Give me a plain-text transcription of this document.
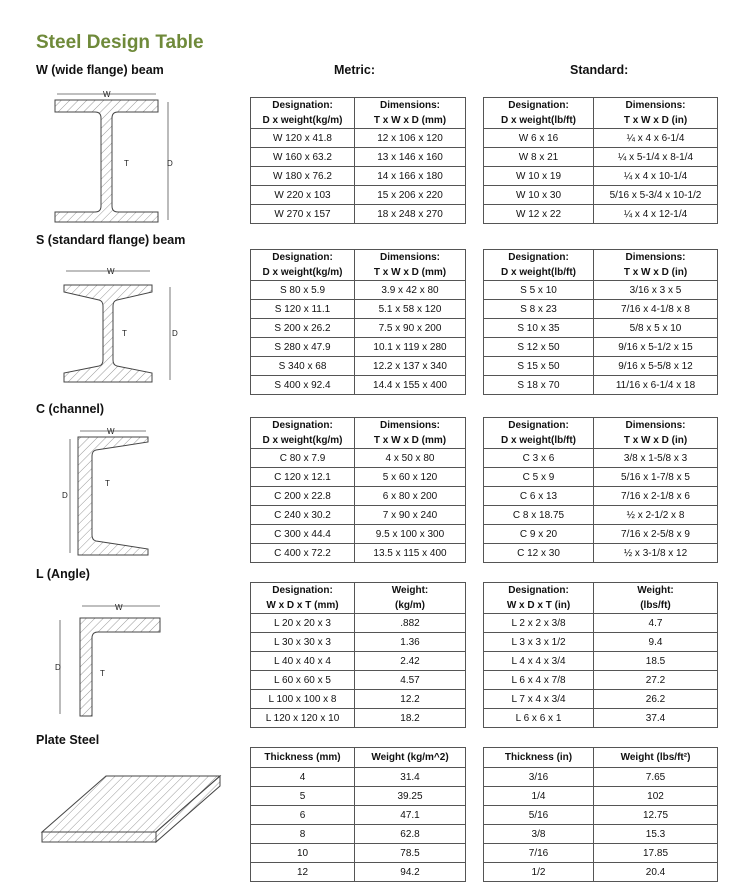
Steel Design Table
Metric:	Standard:
W (wide flange) beam
S (standard flange) beam
C (channel)
L (Angle)
Plate Steel
W
T	D
W
T	D
W
T
D
W
T
D
Designation:
D x weight(kg/m)	Dimensions:
T x W x D (mm)
W 120 x 41.8	12 x 106 x 120
W 160 x 63.2	13 x 146 x 160
W 180 x 76.2	14 x 166 x 180
W 220 x 103	15 x 206 x 220
W 270 x 157	18 x 248 x 270
Designation:
D x weight(lb/ft)	Dimensions:
T x W x D (in)
W 6 x 16	¼ x 4 x 6-1/4
W 8 x 21	¼ x 5-1/4 x 8-1/4
W 10 x 19	¼ x 4 x 10-1/4
W 10 x 30	5/16 x 5-3/4 x 10-1/2
W 12 x 22	¼ x 4 x 12-1/4
Designation:
D x weight(kg/m)	Dimensions:
T x W x D (mm)
S 80 x 5.9	3.9 x 42 x 80
S 120 x 11.1	5.1 x 58 x 120
S 200 x 26.2	7.5 x 90 x 200
S 280 x 47.9	10.1 x 119 x 280
S 340 x 68	12.2 x 137 x 340
S 400 x 92.4	14.4 x 155 x 400
Designation:
D x weight(lb/ft)	Dimensions:
T x W x D (in)
S 5 x 10	3/16 x 3 x 5
S 8 x 23	7/16 x 4-1/8 x 8
S 10 x 35	5/8 x 5 x 10
S 12 x 50	9/16 x 5-1/2 x 15
S 15 x 50	9/16 x 5-5/8 x 12
S 18 x 70	11/16 x 6-1/4 x 18
Designation:
D x weight(kg/m)	Dimensions:
T x W x D (mm)
C 80 x 7.9	4 x 50 x 80
C 120 x 12.1	5 x 60 x 120
C 200 x 22.8	6 x 80 x 200
C 240 x 30.2	7 x 90 x 240
C 300 x 44.4	9.5 x 100 x 300
C 400 x 72.2	13.5 x 115 x 400
Designation:
D x weight(lb/ft)	Dimensions:
T x W x D (in)
C 3 x 6	3/8 x 1-5/8 x 3
C 5 x 9	5/16 x 1-7/8 x 5
C 6 x 13	7/16 x 2-1/8 x 6
C 8 x 18.75	½ x 2-1/2 x 8
C 9 x 20	7/16 x 2-5/8 x 9
C 12 x 30	½ x 3-1/8 x 12
Designation:
W x D x T (mm)	Weight:
(kg/m)
L 20 x 20 x 3	.882
L 30 x 30 x 3	1.36
L 40 x 40 x 4	2.42
L 60 x 60 x 5	4.57
L 100 x 100 x 8	12.2
L 120 x 120 x 10	18.2
Designation:
W x D x T (in)	Weight:
(lbs/ft)
L 2 x 2 x 3/8	4.7
L 3 x 3 x 1/2	9.4
L 4 x 4 x 3/4	18.5
L 6 x 4 x 7/8	27.2
L 7 x 4 x 3/4	26.2
L 6 x 6 x 1	37.4
Thickness (mm)	Weight (kg/m^2)
4	31.4
5	39.25
6	47.1
8	62.8
10	78.5
12	94.2
Thickness (in)	Weight (lbs/ft²)
3/16	7.65
1/4	102
5/16	12.75
3/8	15.3
7/16	17.85
1/2	20.4
